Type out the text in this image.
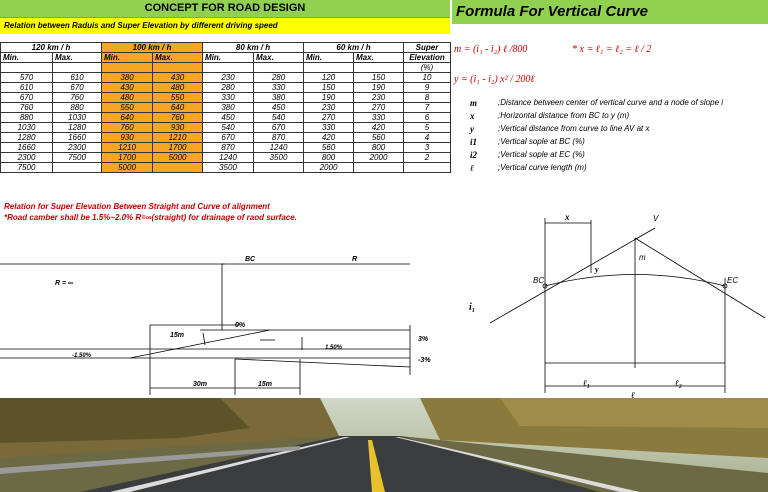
CONCEPT FOR ROAD DESIGN
Relation between Raduis and Super Elevation by different driving speed
Formula For Vertical Curve
120 km / h		100 km / h		80 km / h		60 km / h		Super
Min.	Max.	Min.	Max.	Min.	Max.	Min.	Max.	Elevation
								(%)
570	610	380	430	230	280	120	150	10
610	670	430	480	280	330	150	190	9
670	760	480	550	330	380	190	230	8
760	880	550	640	380	450	230	270	7
880	1030	640	760	450	540	270	330	6
1030	1280	760	930	540	670	330	420	5
1280	1660	930	1210	670	870	420	560	4
1660	2300	1210	1700	870	1240	560	800	3
2300	7500	1700	5000	1240	3500	800	2000	2
7500		5000		3500		2000		
m = (i₁ - i₂) ℓ /800	* x = ℓ₁ = ℓ₂ = ℓ / 2
y = (i₁ - i₂) x² / 200ℓ
m	;Distance between center of vertical curve and a node of slope i
x	;Horizontal distance from BC to y (m)
y	;Vertical distance from curve to line AV at x
i1	;Vertical sople at BC (%)
i2	;Vertical sople at EC (%)
ℓ	;Vertical curve length (m)
Relation for Super Elevation Between Straight and Curve of alignment
*Road camber shall be 1.5%~2.0% R=∞(straight) for drainage of raod surface.
BC	R
R = ∞
15m
0%
3%
1.50%
-1.50%
-3%
30m	15m
x	V
BC
y
m
EC
i₁
ℓ₁	ℓ₂
ℓ
